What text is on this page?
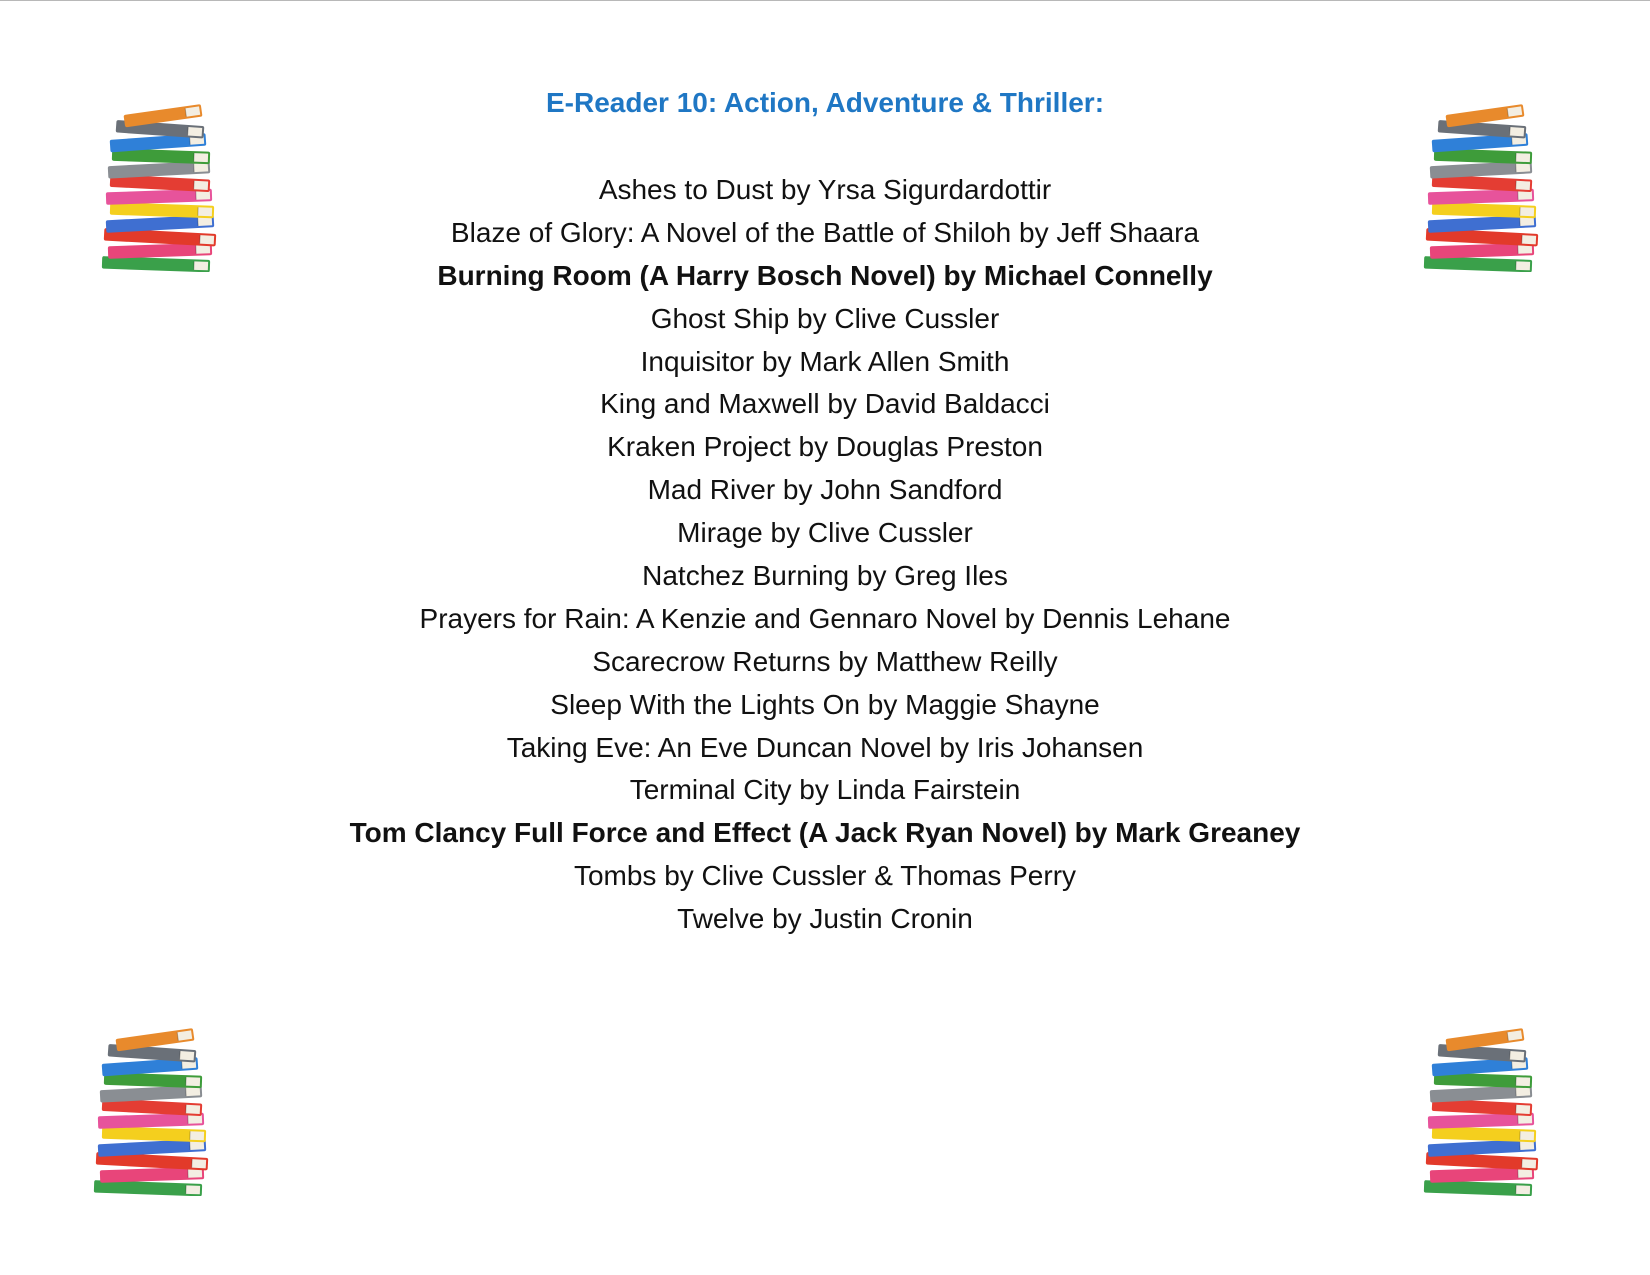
E-Reader 10: Action, Adventure & Thriller:
Ashes to Dust by Yrsa Sigurdardottir
Blaze of Glory: A Novel of the Battle of Shiloh by Jeff Shaara
Burning Room (A Harry Bosch Novel) by Michael Connelly
Ghost Ship by Clive Cussler
Inquisitor by Mark Allen Smith
King and Maxwell by David Baldacci
Kraken Project by Douglas Preston
Mad River by John Sandford
Mirage by Clive Cussler
Natchez Burning by Greg Iles
Prayers for Rain: A Kenzie and Gennaro Novel by Dennis Lehane
Scarecrow Returns by Matthew Reilly
Sleep With the Lights On by Maggie Shayne
Taking Eve: An Eve Duncan Novel by Iris Johansen
Terminal City by Linda Fairstein
Tom Clancy Full Force and Effect (A Jack Ryan Novel) by Mark Greaney
Tombs by Clive Cussler & Thomas Perry
Twelve by Justin Cronin
